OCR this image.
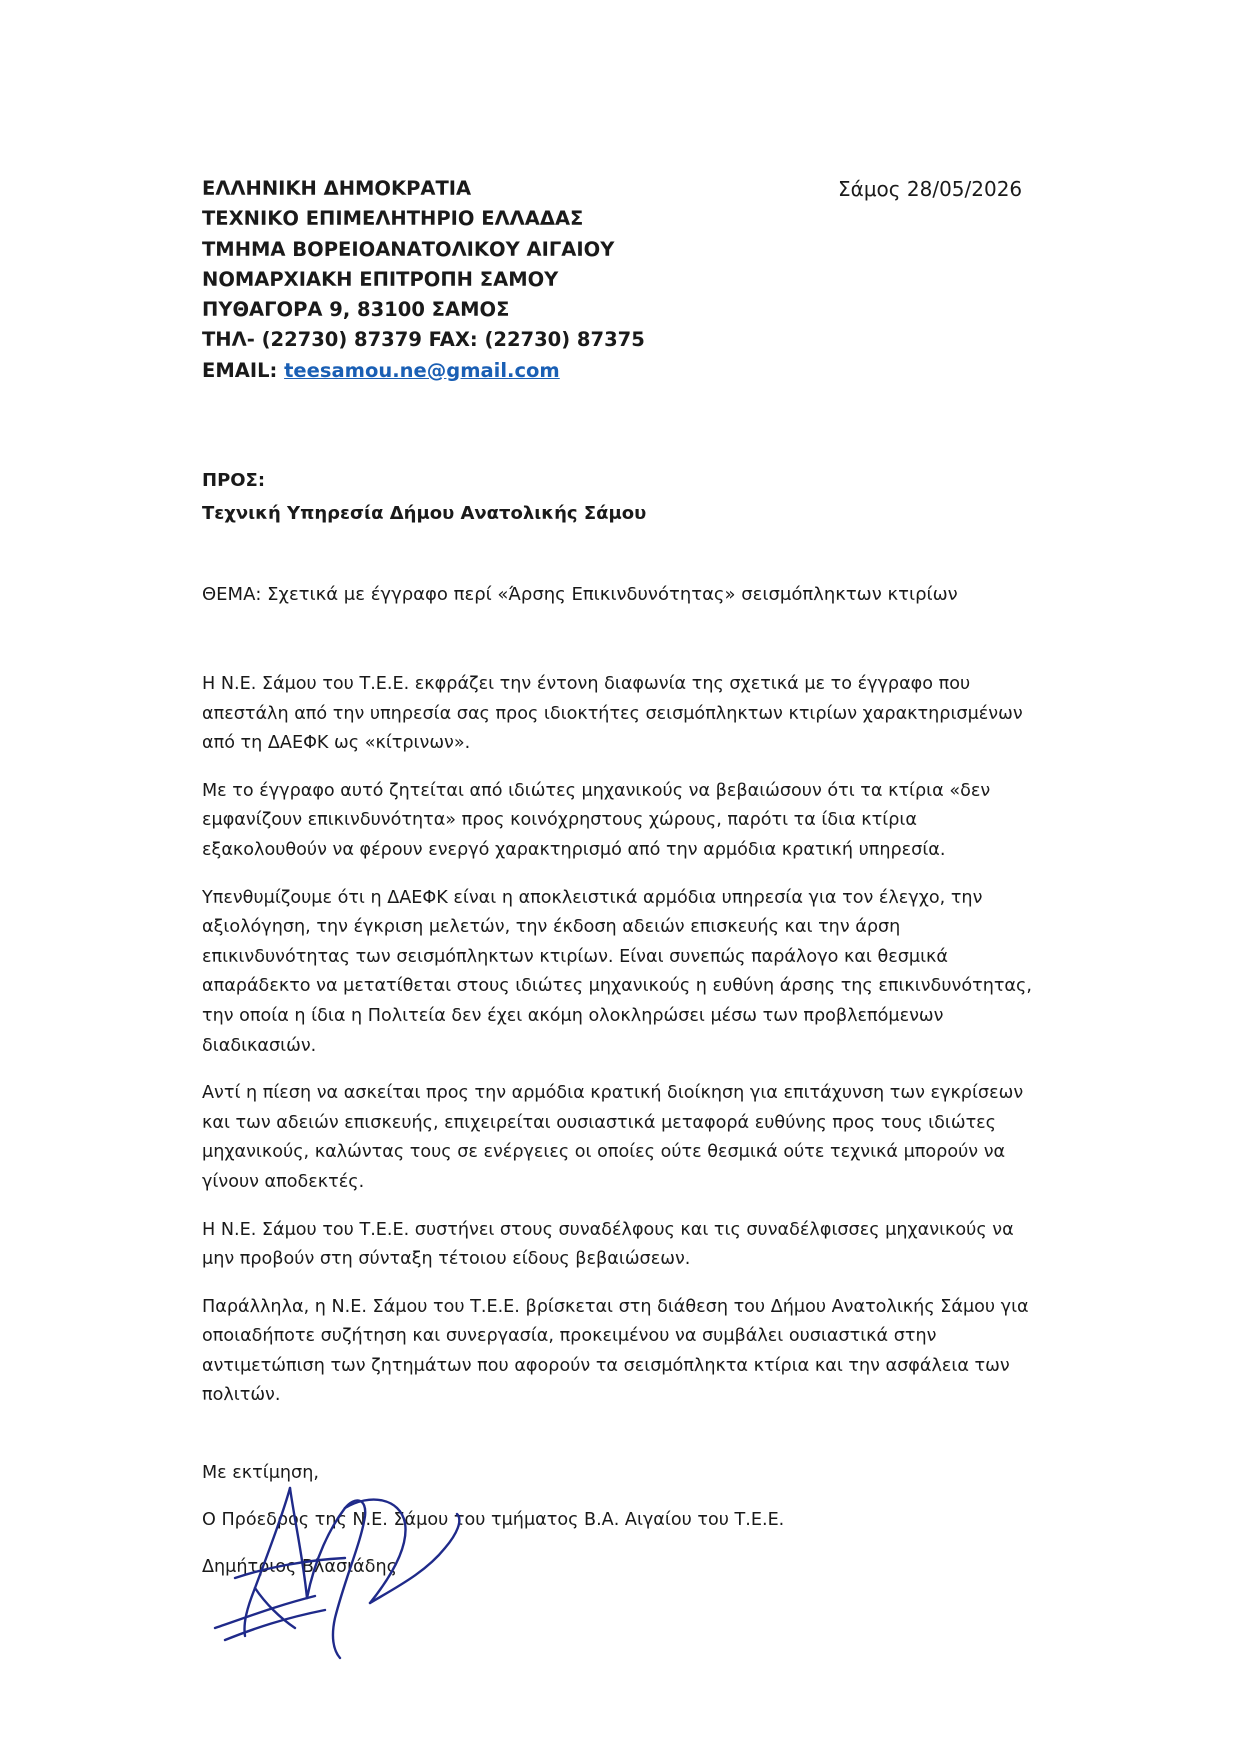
ΕΛΛΗΝΙΚΗ ΔΗΜΟΚΡΑΤΙΑ
ΤΕΧΝΙΚΟ ΕΠΙΜΕΛΗΤΗΡΙΟ ΕΛΛΑΔΑΣ
ΤΜΗΜΑ ΒΟΡΕΙΟΑΝΑΤΟΛΙΚΟΥ ΑΙΓΑΙΟΥ
ΝΟΜΑΡΧΙΑΚΗ ΕΠΙΤΡΟΠΗ ΣΑΜΟΥ
ΠΥΘΑΓΟΡΑ 9, 83100 ΣΑΜΟΣ
ΤΗΛ- (22730) 87379 FAX: (22730) 87375
EMAIL: teesamou.ne@gmail.com
Σάμος 28/05/2026
ΠΡΟΣ:
Τεχνική Υπηρεσία Δήμου Ανατολικής Σάμου
ΘΕΜΑ: Σχετικά με έγγραφο περί «Άρσης Επικινδυνότητας» σεισμόπληκτων κτιρίων

Η Ν.Ε. Σάμου του Τ.Ε.Ε. εκφράζει την έντονη διαφωνία της σχετικά με το έγγραφο που απεστάλη από την υπηρεσία σας προς ιδιοκτήτες σεισμόπληκτων κτιρίων χαρακτηρισμένων από τη ΔΑΕΦΚ ως «κίτρινων».

Με το έγγραφο αυτό ζητείται από ιδιώτες μηχανικούς να βεβαιώσουν ότι τα κτίρια «δεν εμφανίζουν επικινδυνότητα» προς κοινόχρηστους χώρους, παρότι τα ίδια κτίρια εξακολουθούν να φέρουν ενεργό χαρακτηρισμό από την αρμόδια κρατική υπηρεσία.

Υπενθυμίζουμε ότι η ΔΑΕΦΚ είναι η αποκλειστικά αρμόδια υπηρεσία για τον έλεγχο, την αξιολόγηση, την έγκριση μελετών, την έκδοση αδειών επισκευής και την άρση επικινδυνότητας των σεισμόπληκτων κτιρίων. Είναι συνεπώς παράλογο και θεσμικά απαράδεκτο να μετατίθεται στους ιδιώτες μηχανικούς η ευθύνη άρσης της επικινδυνότητας, την οποία η ίδια η Πολιτεία δεν έχει ακόμη ολοκληρώσει μέσω των προβλεπόμενων διαδικασιών.

Αντί η πίεση να ασκείται προς την αρμόδια κρατική διοίκηση για επιτάχυνση των εγκρίσεων και των αδειών επισκευής, επιχειρείται ουσιαστικά μεταφορά ευθύνης προς τους ιδιώτες μηχανικούς, καλώντας τους σε ενέργειες οι οποίες ούτε θεσμικά ούτε τεχνικά μπορούν να γίνουν αποδεκτές.

Η Ν.Ε. Σάμου του Τ.Ε.Ε. συστήνει στους συναδέλφους και τις συναδέλφισσες μηχανικούς να μην προβούν στη σύνταξη τέτοιου είδους βεβαιώσεων.

Παράλληλα, η Ν.Ε. Σάμου του Τ.Ε.Ε. βρίσκεται στη διάθεση του Δήμου Ανατολικής Σάμου για οποιαδήποτε συζήτηση και συνεργασία, προκειμένου να συμβάλει ουσιαστικά στην αντιμετώπιση των ζητημάτων που αφορούν τα σεισμόπληκτα κτίρια και την ασφάλεια των πολιτών.

Με εκτίμηση,
Ο Πρόεδρος της Ν.Ε. Σάμου του τμήματος Β.Α. Αιγαίου του Τ.Ε.Ε.
Δημήτριος Βλασιάδης
